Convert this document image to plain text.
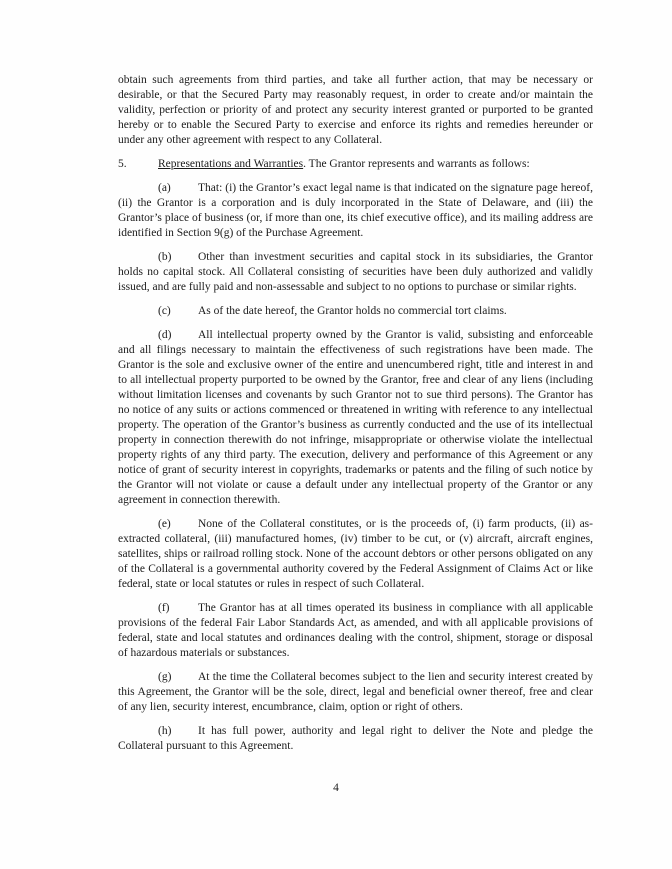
obtain such agreements from third parties, and take all further action, that may be necessary or desirable, or that the Secured Party may reasonably request, in order to create and/or maintain the validity, perfection or priority of and protect any security interest granted or purported to be granted hereby or to enable the Secured Party to exercise and enforce its rights and remedies hereunder or under any other agreement with respect to any Collateral.

5.	Representations and Warranties. The Grantor represents and warrants as follows:

(a) That: (i) the Grantor’s exact legal name is that indicated on the signature page hereof, (ii) the Grantor is a corporation and is duly incorporated in the State of Delaware, and (iii) the Grantor’s place of business (or, if more than one, its chief executive office), and its mailing address are identified in Section 9(g) of the Purchase Agreement.

(b) Other than investment securities and capital stock in its subsidiaries, the Grantor holds no capital stock. All Collateral consisting of securities have been duly authorized and validly issued, and are fully paid and non-assessable and subject to no options to purchase or similar rights.

(c) As of the date hereof, the Grantor holds no commercial tort claims.

(d) All intellectual property owned by the Grantor is valid, subsisting and enforceable and all filings necessary to maintain the effectiveness of such registrations have been made. The Grantor is the sole and exclusive owner of the entire and unencumbered right, title and interest in and to all intellectual property purported to be owned by the Grantor, free and clear of any liens (including without limitation licenses and covenants by such Grantor not to sue third persons). The Grantor has no notice of any suits or actions commenced or threatened in writing with reference to any intellectual property. The operation of the Grantor’s business as currently conducted and the use of its intellectual property in connection therewith do not infringe, misappropriate or otherwise violate the intellectual property rights of any third party. The execution, delivery and performance of this Agreement or any notice of grant of security interest in copyrights, trademarks or patents and the filing of such notice by the Grantor will not violate or cause a default under any intellectual property of the Grantor or any agreement in connection therewith.

(e) None of the Collateral constitutes, or is the proceeds of, (i) farm products, (ii) as-extracted collateral, (iii) manufactured homes, (iv) timber to be cut, or (v) aircraft, aircraft engines, satellites, ships or railroad rolling stock. None of the account debtors or other persons obligated on any of the Collateral is a governmental authority covered by the Federal Assignment of Claims Act or like federal, state or local statutes or rules in respect of such Collateral.

(f) The Grantor has at all times operated its business in compliance with all applicable provisions of the federal Fair Labor Standards Act, as amended, and with all applicable provisions of federal, state and local statutes and ordinances dealing with the control, shipment, storage or disposal of hazardous materials or substances.

(g) At the time the Collateral becomes subject to the lien and security interest created by this Agreement, the Grantor will be the sole, direct, legal and beneficial owner thereof, free and clear of any lien, security interest, encumbrance, claim, option or right of others.

(h) It has full power, authority and legal right to deliver the Note and pledge the Collateral pursuant to this Agreement.

4
